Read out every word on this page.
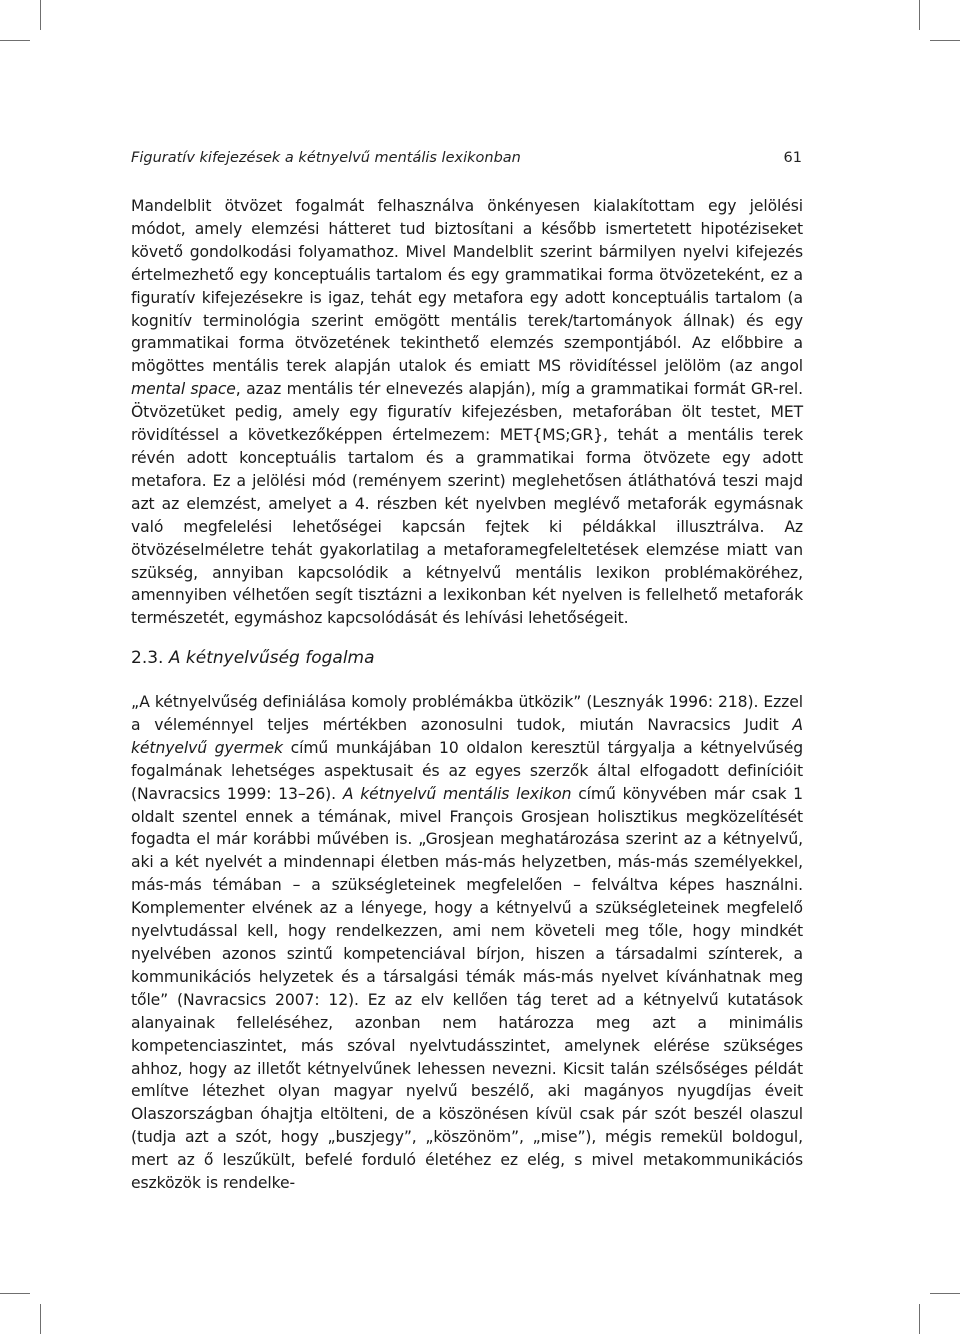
Figuratív kifejezések a kétnyelvű mentális lexikonban	61

Mandelblit ötvözet fogalmát felhasználva önkényesen kialakítottam egy jelölési módot, amely elemzési hátteret tud biztosítani a később ismertetett hipotéziseket követő gondolkodási folyamathoz. Mivel Mandelblit szerint bármilyen nyelvi kifejezés értelmezhető egy konceptuális tartalom és egy grammatikai forma ötvözeteként, ez a figuratív kifejezésekre is igaz, tehát egy metafora egy adott konceptuális tartalom (a kognitív terminológia szerint emögött mentális terek/tartományok állnak) és egy grammatikai forma ötvözetének tekinthető elemzés szempontjából. Az előbbire a mögöttes mentális terek alapján utalok és emiatt MS rövidítéssel jelölöm (az angol mental space, azaz mentális tér elnevezés alapján), míg a grammatikai formát GR-rel. Ötvözetüket pedig, amely egy figuratív kifejezésben, metaforában ölt testet, MET rövidítéssel a következőképpen értelmezem: MET{MS;GR}, tehát a mentális terek révén adott konceptuális tartalom és a grammatikai forma ötvözete egy adott metafora. Ez a jelölési mód (reményem szerint) meglehetősen átláthatóvá teszi majd azt az elemzést, amelyet a 4. részben két nyelvben meglévő metaforák egymásnak való megfelelési lehetőségei kapcsán fejtek ki példákkal illusztrálva. Az ötvözéselméletre tehát gyakorlatilag a metaforamegfeleltetések elemzése miatt van szükség, annyiban kapcsolódik a kétnyelvű mentális lexikon problémaköréhez, amennyiben vélhetően segít tisztázni a lexikonban két nyelven is fellelhető metaforák természetét, egymáshoz kapcsolódását és lehívási lehetőségeit.

2.3. A kétnyelvűség fogalma

„A kétnyelvűség definiálása komoly problémákba ütközik” (Lesznyák 1996: 218). Ezzel a véleménnyel teljes mértékben azonosulni tudok, miután Navracsics Judit A kétnyelvű gyermek című munkájában 10 oldalon keresztül tárgyalja a kétnyelvűség fogalmának lehetséges aspektusait és az egyes szerzők által elfogadott definícióit (Navracsics 1999: 13–26). A kétnyelvű mentális lexikon című könyvében már csak 1 oldalt szentel ennek a témának, mivel François Grosjean holisztikus megközelítését fogadta el már korábbi művében is. „Grosjean meghatározása szerint az a kétnyelvű, aki a két nyelvét a mindennapi életben más-más helyzetben, más-más személyekkel, más-más témában – a szükségleteinek megfelelően – felváltva képes használni. Komplementer elvének az a lényege, hogy a kétnyelvű a szükségleteinek megfelelő nyelvtudással kell, hogy rendelkezzen, ami nem követeli meg tőle, hogy mindkét nyelvében azonos szintű kompetenciával bírjon, hiszen a társadalmi színterek, a kommunikációs helyzetek és a társalgási témák más-más nyelvet kívánhatnak meg tőle” (Navracsics 2007: 12). Ez az elv kellően tág teret ad a kétnyelvű kutatások alanyainak felleléséhez, azonban nem határozza meg azt a minimális kompetenciaszintet, más szóval nyelvtudásszintet, amelynek elérése szükséges ahhoz, hogy az illetőt kétnyelvűnek lehessen nevezni. Kicsit talán szélsőséges példát említve létezhet olyan magyar nyelvű beszélő, aki magányos nyugdíjas éveit Olaszországban óhajtja eltölteni, de a köszönésen kívül csak pár szót beszél olaszul (tudja azt a szót, hogy „buszjegy”, „köszönöm”, „mise”), mégis remekül boldogul, mert az ő leszűkült, befelé forduló életéhez ez elég, s mivel metakommunikációs eszközök is rendelke-
